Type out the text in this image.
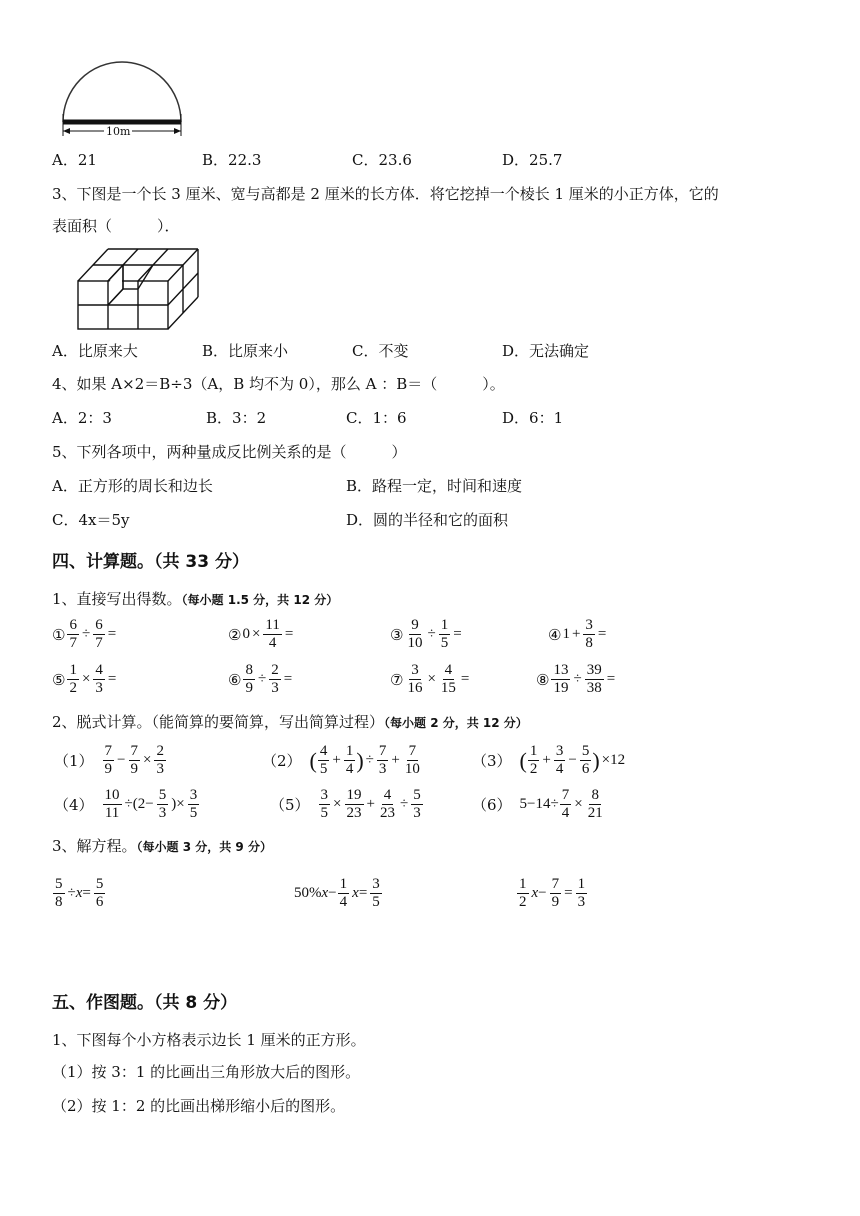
10m
A．21	B．22.3	C．23.6	D．25.7
3、下图是一个长 3 厘米、宽与高都是 2 厘米的长方体．将它挖掉一个棱长 1 厘米的小正方体，它的
表面积（　　　）．
A．比原来大	B．比原来小	C．不变	D．无法确定
4、如果 A×2＝B÷3（A，B 均不为 0），那么 A ：B＝（　　　）。
A．2：3	B．3：2	C．1：6	D．6：1
5、下列各项中，两种量成反比例关系的是（　　　）
A．正方形的周长和边长	B．路程一定，时间和速度
C．4x＝5y	D．圆的半径和它的面积
四、计算题。（共 33 分）
1、直接写出得数。（每小题 1.5 分，共 12 分）
① $\frac{6}{7} \div \frac{6}{7}$ =	② $0 \times \frac{11}{4}$ =	③ $\frac{9}{10} \div \frac{1}{5}$ =	④ $1 + \frac{3}{8}$ =
⑤ $\frac{1}{2} \times \frac{4}{3}$ =	⑥ $\frac{8}{9} \div \frac{2}{3}$ =	⑦ $\frac{3}{16} \times \frac{4}{15}$ =	⑧ $\frac{13}{19} \div \frac{39}{38}$ =
2、脱式计算。（能简算的要简算，写出简算过程）（每小题 2 分，共 12 分）
$(1) \frac{7}{9} - \frac{7}{9} \times \frac{2}{3}$	（2） ( $\frac{4}{5} + \frac{1}{4}$ ) ÷ $\frac{7}{3} + \frac{7}{10}$	（3） ( $\frac{1}{2} + \frac{3}{4} - \frac{5}{6}$ ) ×12
$(4) \frac{10}{11} \div(2- \frac{5}{3}$ )× $\frac{3}{5}$	$(5) \frac{3}{5} \times \frac{19}{23} + \frac{4}{23} \div \frac{5}{3}$	（6） $5-14\div \frac{7}{4} \times \frac{8}{21}$
3、解方程。（每小题 3 分，共 9 分）
$\frac{5}{8} \div x= \frac{5}{6}$	$50\%x- \frac{1}{4} x= \frac{3}{5}$	$\frac{1}{2} x- \frac{7}{9} = \frac{1}{3}$
五、作图题。（共 8 分）
1、下图每个小方格表示边长 1 厘米的正方形。
（1）按 3：1 的比画出三角形放大后的图形。
（2）按 1：2 的比画出梯形缩小后的图形。
